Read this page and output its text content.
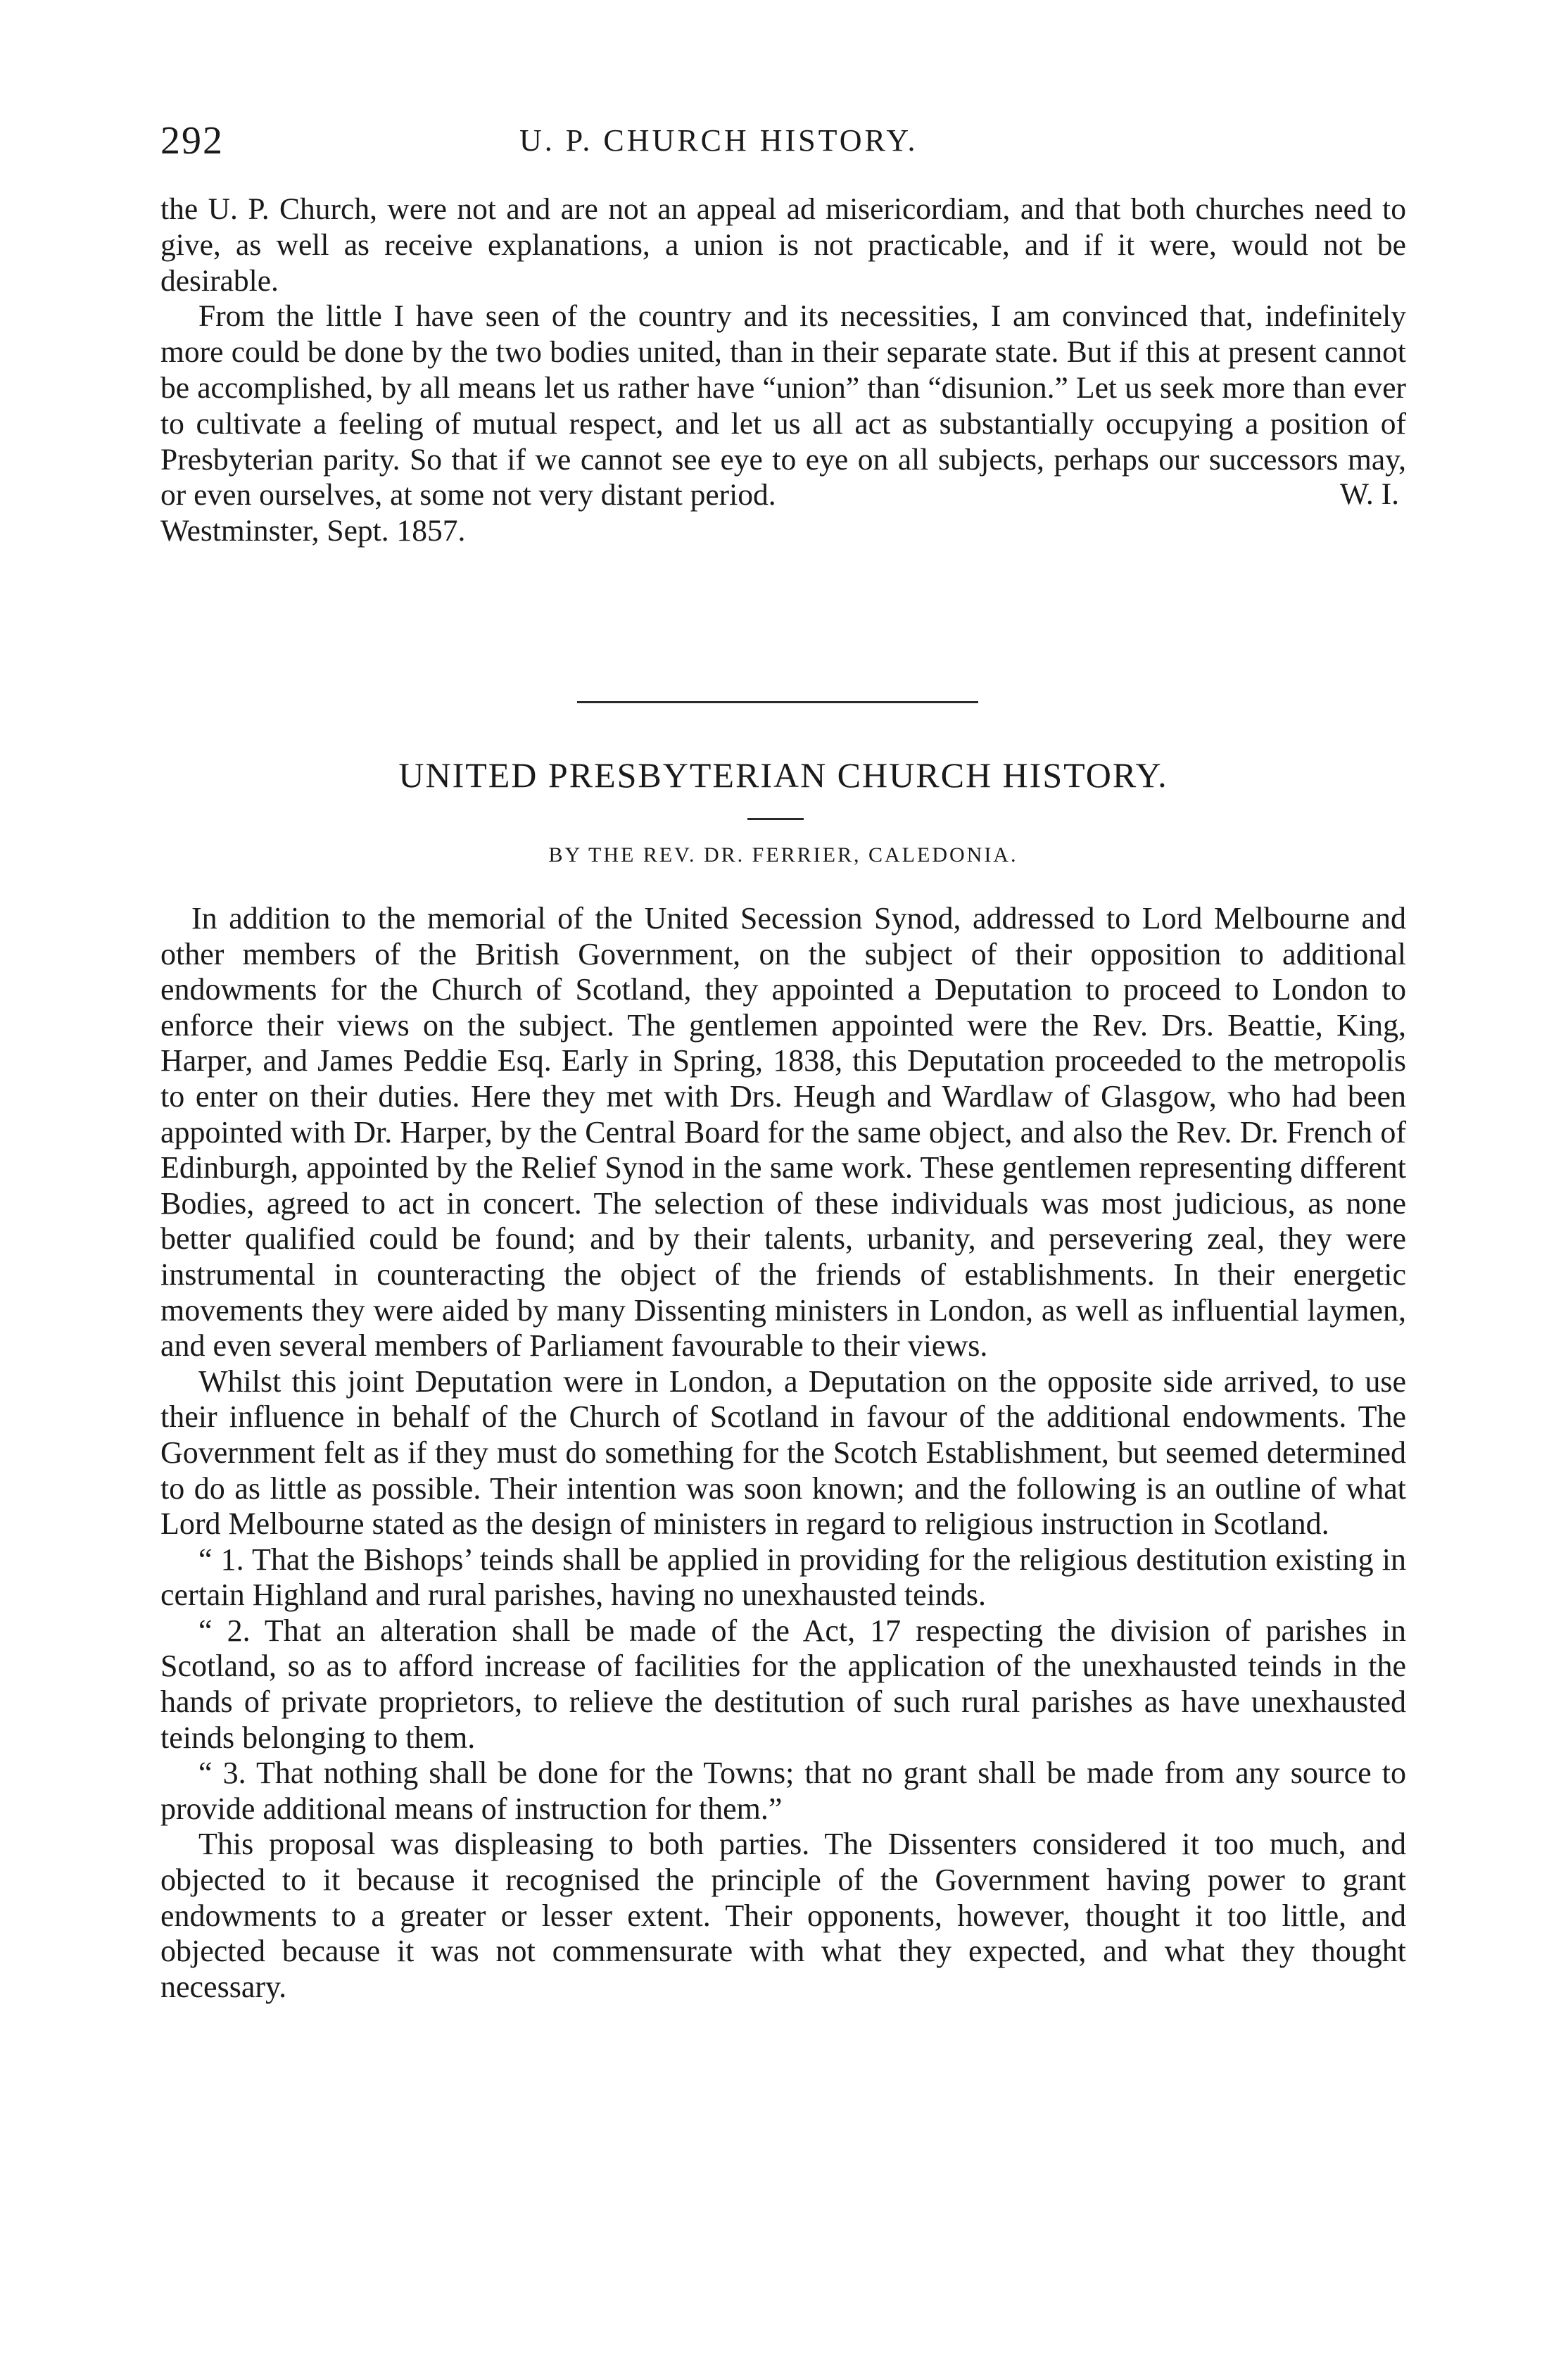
292	U. P. CHURCH HISTORY.

the U. P. Church, were not and are not an appeal ad misericordiam, and that both churches need to give, as well as receive explanations, a union is not practicable, and if it were, would not be desirable.

From the little I have seen of the country and its necessities, I am convinced that, indefinitely more could be done by the two bodies united, than in their separate state. But if this at present cannot be accomplished, by all means let us rather have “union” than “disunion.” Let us seek more than ever to cultivate a feeling of mutual respect, and let us all act as substantially occupying a position of Presbyterian parity. So that if we cannot see eye to eye on all subjects, perhaps our successors may, or even ourselves, at some not very distant period.	W. I.
Westminster, Sept. 1857.
UNITED PRESBYTERIAN CHURCH HISTORY.
BY THE REV. DR. FERRIER, CALEDONIA.

In addition to the memorial of the United Secession Synod, addressed to Lord Melbourne and other members of the British Government, on the subject of their opposition to additional endowments for the Church of Scotland, they appointed a Deputation to proceed to London to enforce their views on the subject. The gentlemen appointed were the Rev. Drs. Beattie, King, Harper, and James Peddie Esq. Early in Spring, 1838, this Deputation proceeded to the metropolis to enter on their duties. Here they met with Drs. Heugh and Wardlaw of Glasgow, who had been appointed with Dr. Harper, by the Central Board for the same object, and also the Rev. Dr. French of Edinburgh, appointed by the Relief Synod in the same work. These gentlemen representing different Bodies, agreed to act in concert. The selection of these individuals was most judicious, as none better qualified could be found; and by their talents, urbanity, and persevering zeal, they were instrumental in counteracting the object of the friends of establishments. In their energetic movements they were aided by many Dissenting ministers in London, as well as influential laymen, and even several members of Parliament favourable to their views.

Whilst this joint Deputation were in London, a Deputation on the opposite side arrived, to use their influence in behalf of the Church of Scotland in favour of the additional endowments. The Government felt as if they must do something for the Scotch Establishment, but seemed determined to do as little as possible. Their intention was soon known; and the following is an outline of what Lord Melbourne stated as the design of ministers in regard to religious instruction in Scotland.

“ 1. That the Bishops’ teinds shall be applied in providing for the religious destitution existing in certain Highland and rural parishes, having no unexhausted teinds.

“ 2. That an alteration shall be made of the Act, 17 respecting the division of parishes in Scotland, so as to afford increase of facilities for the application of the unexhausted teinds in the hands of private proprietors, to relieve the destitution of such rural parishes as have unexhausted teinds belonging to them.

“ 3. That nothing shall be done for the Towns; that no grant shall be made from any source to provide additional means of instruction for them.”

This proposal was displeasing to both parties. The Dissenters considered it too much, and objected to it because it recognised the principle of the Government having power to grant endowments to a greater or lesser extent. Their opponents, however, thought it too little, and objected because it was not commensurate with what they expected, and what they thought necessary.
